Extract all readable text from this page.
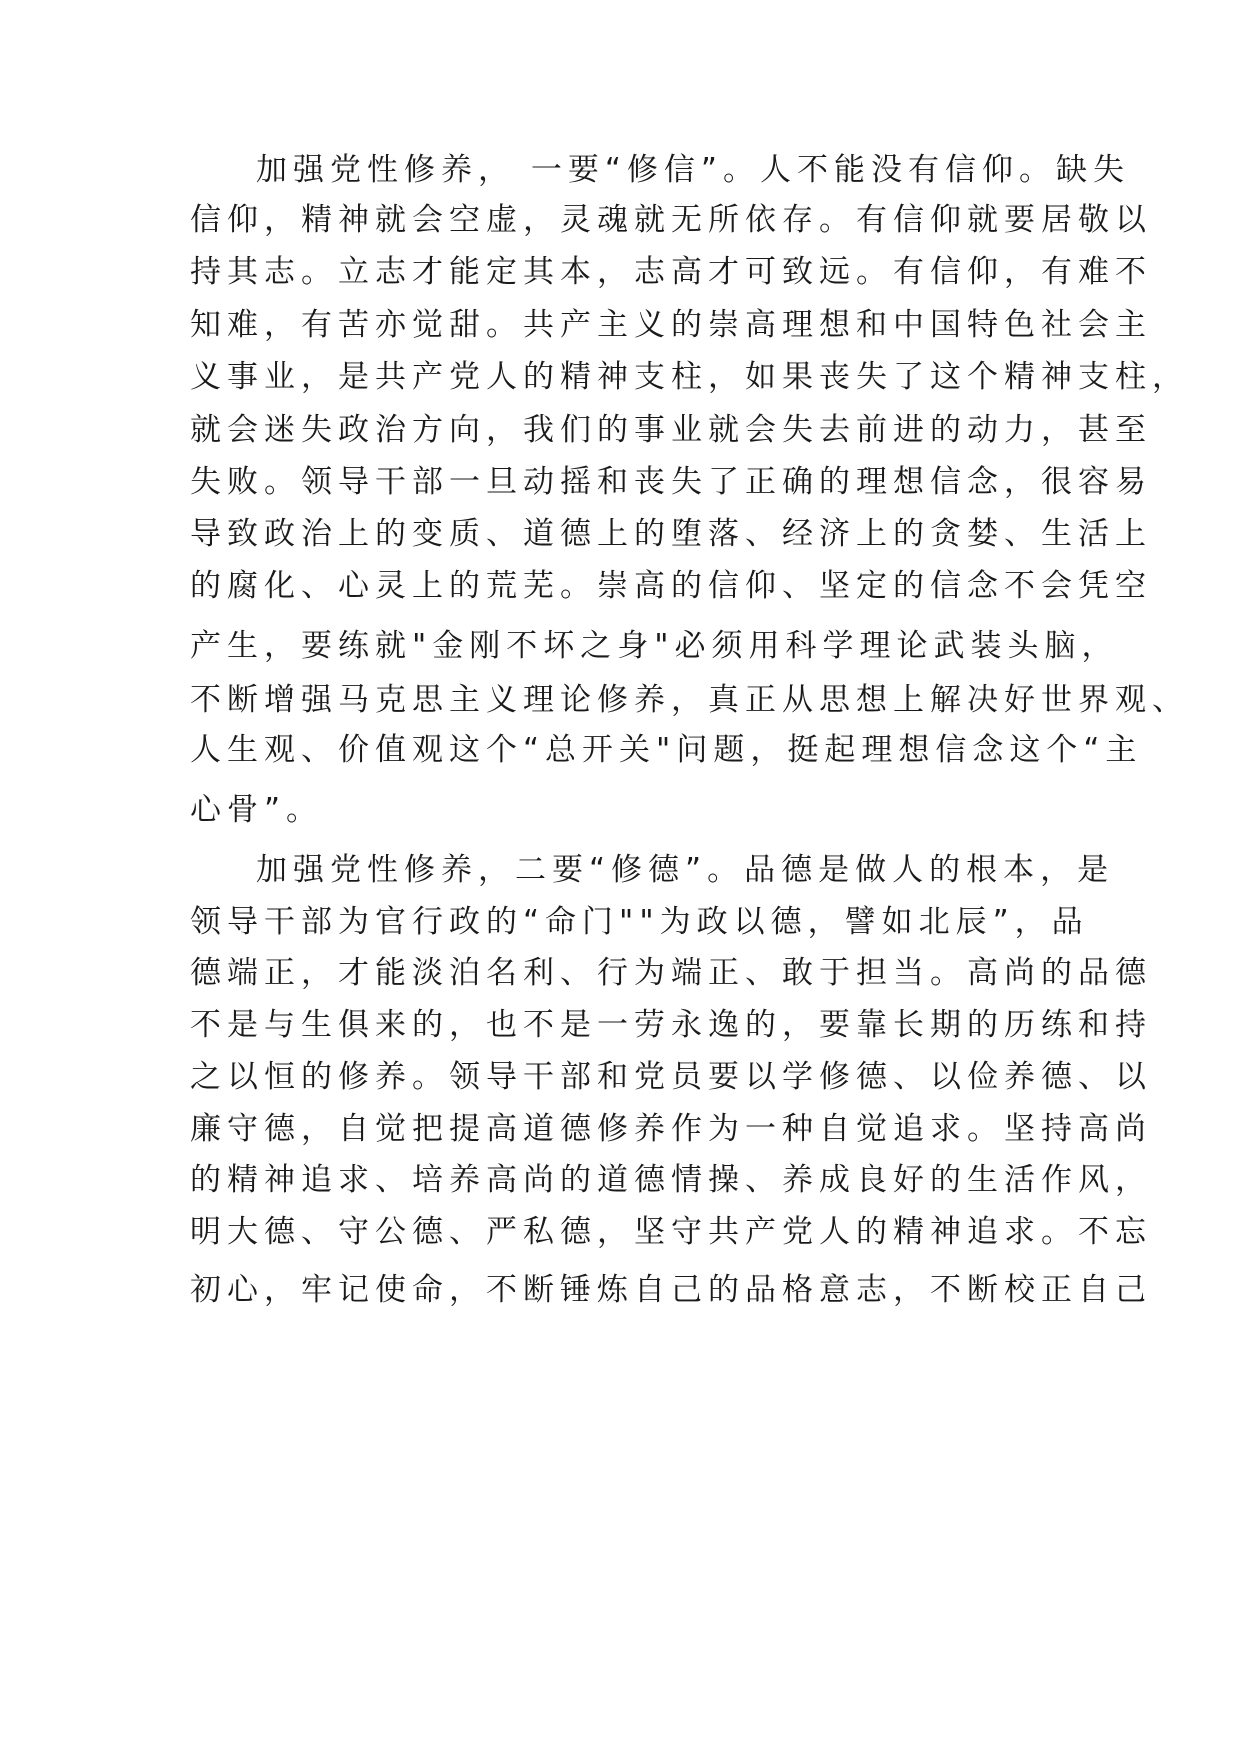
加强党性修养， 一要“修信”。人不能没有信仰。缺失
信仰，精神就会空虚，灵魂就无所依存。有信仰就要居敬以
持其志。立志才能定其本，志高才可致远。有信仰，有难不
知难，有苦亦觉甜。共产主义的崇高理想和中国特色社会主
义事业，是共产党人的精神支柱，如果丧失了这个精神支柱，
就会迷失政治方向，我们的事业就会失去前进的动力，甚至
失败。领导干部一旦动摇和丧失了正确的理想信念，很容易
导致政治上的变质、道德上的堕落、经济上的贪婪、生活上
的腐化、心灵上的荒芜。崇高的信仰、坚定的信念不会凭空
产生，要练就"金刚不坏之身"必须用科学理论武装头脑，
不断增强马克思主义理论修养，真正从思想上解决好世界观、
人生观、价值观这个“总开关"问题，挺起理想信念这个“主
心骨”。
加强党性修养，二要“修德”。品德是做人的根本，是
领导干部为官行政的“命门""为政以德，譬如北辰”，品
德端正，才能淡泊名利、行为端正、敢于担当。高尚的品德
不是与生俱来的，也不是一劳永逸的，要靠长期的历练和持
之以恒的修养。领导干部和党员要以学修德、以俭养德、以
廉守德，自觉把提高道德修养作为一种自觉追求。坚持高尚
的精神追求、培养高尚的道德情操、养成良好的生活作风，
明大德、守公德、严私德，坚守共产党人的精神追求。不忘
初心，牢记使命，不断锤炼自己的品格意志，不断校正自己
